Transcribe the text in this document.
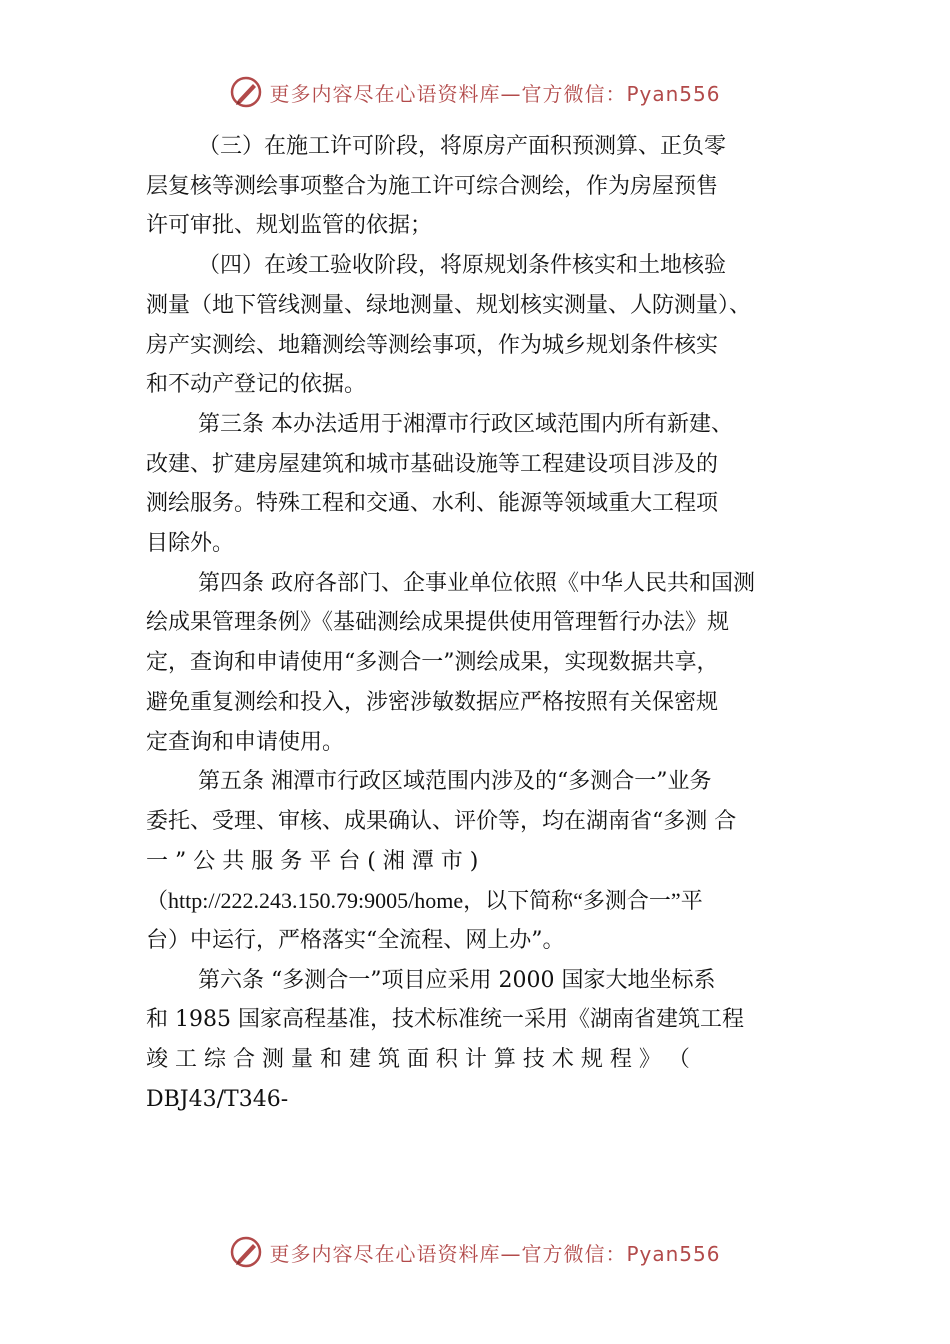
更多内容尽在心语资料库—官方微信：Pyan556

（三）在施工许可阶段，将原房产面积预测算、正负零

层复核等测绘事项整合为施工许可综合测绘，作为房屋预售

许可审批、规划监管的依据；

（四）在竣工验收阶段，将原规划条件核实和土地核验

测量（地下管线测量、绿地测量、规划核实测量、人防测量）、

房产实测绘、地籍测绘等测绘事项，作为城乡规划条件核实

和不动产登记的依据。

第三条 本办法适用于湘潭市行政区域范围内所有新建、

改建、扩建房屋建筑和城市基础设施等工程建设项目涉及的

测绘服务。特殊工程和交通、水利、能源等领域重大工程项

目除外。

第四条 政府各部门、企事业单位依照《中华人民共和国测

绘成果管理条例》《基础测绘成果提供使用管理暂行办法》规

定，查询和申请使用“多测合一”测绘成果，实现数据共享，

避免重复测绘和投入，涉密涉敏数据应严格按照有关保密规

定查询和申请使用。

第五条 湘潭市行政区域范围内涉及的“多测合一”业务

委托、受理、审核、成果确认、评价等，均在湖南省“多测 合

一 ” 公 共 服 务 平 台 ( 湘 潭 市 )

（http://222.243.150.79:9005/home，以下简称“多测合一”平

台）中运行，严格落实“全流程、网上办”。

第六条 “多测合一”项目应采用 2000 国家大地坐标系

和 1985 国家高程基准，技术标准统一采用《湖南省建筑工程

竣 工 综 合 测 量 和 建 筑 面 积 计 算 技 术 规 程 》 （

DBJ43/T346-

更多内容尽在心语资料库—官方微信：Pyan556
